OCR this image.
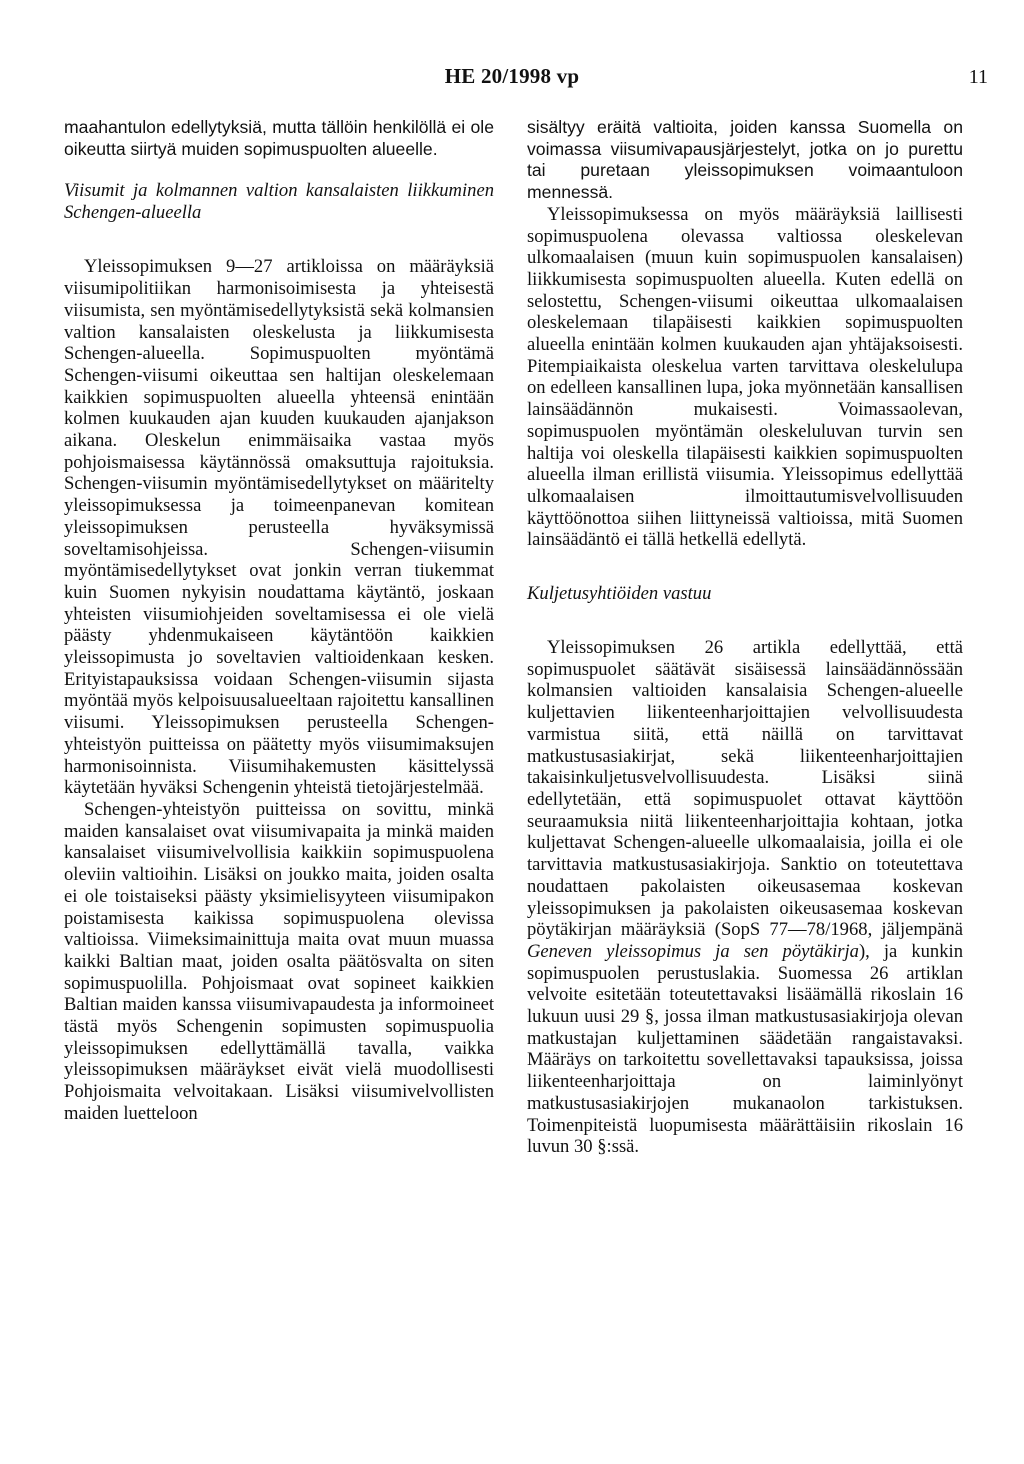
HE 20/1998 vp	11

maahantulon edellytyksiä, mutta tällöin henkilöllä ei ole oikeutta siirtyä muiden sopimuspuolten alueelle.

Viisumit ja kolmannen valtion kansalaisten liikkuminen Schengen-alueella

Yleissopimuksen 9—27 artikloissa on määräyksiä viisumipolitiikan harmonisoimisesta ja yhteisestä viisumista, sen myöntämisedellytyksistä sekä kolmansien valtion kansalaisten oleskelusta ja liikkumisesta Schengen-alueella. Sopimuspuolten myöntämä Schengen-viisumi oikeuttaa sen haltijan oleskelemaan kaikkien sopimuspuolten alueella yhteensä enintään kolmen kuukauden ajan kuuden kuukauden ajanjakson aikana. Oleskelun enimmäisaika vastaa myös pohjoismaisessa käytännössä omaksuttuja rajoituksia. Schengen-viisumin myöntämisedellytykset on määritelty yleissopimuksessa ja toimeenpanevan komitean yleissopimuksen perusteella hyväksymissä soveltamisohjeissa. Schengen-viisumin myöntämisedellytykset ovat jonkin verran tiukemmat kuin Suomen nykyisin noudattama käytäntö, joskaan yhteisten viisumiohjeiden soveltamisessa ei ole vielä päästy yhdenmukaiseen käytäntöön kaikkien yleissopimusta jo soveltavien valtioidenkaan kesken. Erityistapauksissa voidaan Schengen-viisumin sijasta myöntää myös kelpoisuusalueeltaan rajoitettu kansallinen viisumi. Yleissopimuksen perusteella Schengen-yhteistyön puitteissa on päätetty myös viisumimaksujen harmonisoinnista. Viisumihakemusten käsittelyssä käytetään hyväksi Schengenin yhteistä tietojärjestelmää.

Schengen-yhteistyön puitteissa on sovittu, minkä maiden kansalaiset ovat viisumivapaita ja minkä maiden kansalaiset viisumivelvollisia kaikkiin sopimuspuolena oleviin valtioihin. Lisäksi on joukko maita, joiden osalta ei ole toistaiseksi päästy yksimielisyyteen viisumipakon poistamisesta kaikissa sopimuspuolena olevissa valtioissa. Viimeksimainittuja maita ovat muun muassa kaikki Baltian maat, joiden osalta päätösvalta on siten sopimuspuolilla. Pohjoismaat ovat sopineet kaikkien Baltian maiden kanssa viisumivapaudesta ja informoineet tästä myös Schengenin sopimusten sopimuspuolia yleissopimuksen edellyttämällä tavalla, vaikka yleissopimuksen määräykset eivät vielä muodollisesti Pohjoismaita velvoitakaan. Lisäksi viisumivelvollisten maiden luetteloon

sisältyy eräitä valtioita, joiden kanssa Suomella on voimassa viisumivapausjärjestelyt, jotka on jo purettu tai puretaan yleissopimuksen voimaantuloon mennessä.

Yleissopimuksessa on myös määräyksiä laillisesti sopimuspuolena olevassa valtiossa oleskelevan ulkomaalaisen (muun kuin sopimuspuolen kansalaisen) liikkumisesta sopimuspuolten alueella. Kuten edellä on selostettu, Schengen-viisumi oikeuttaa ulkomaalaisen oleskelemaan tilapäisesti kaikkien sopimuspuolten alueella enintään kolmen kuukauden ajan yhtäjaksoisesti. Pitempiaikaista oleskelua varten tarvittava oleskelulupa on edelleen kansallinen lupa, joka myönnetään kansallisen lainsäädännön mukaisesti. Voimassaolevan, sopimuspuolen myöntämän oleskeluluvan turvin sen haltija voi oleskella tilapäisesti kaikkien sopimuspuolten alueella ilman erillistä viisumia. Yleissopimus edellyttää ulkomaalaisen ilmoittautumisvelvollisuuden käyttöönottoa siihen liittyneissä valtioissa, mitä Suomen lainsäädäntö ei tällä hetkellä edellytä.

Kuljetusyhtiöiden vastuu

Yleissopimuksen 26 artikla edellyttää, että sopimuspuolet säätävät sisäisessä lainsäädännössään kolmansien valtioiden kansalaisia Schengen-alueelle kuljettavien liikenteenharjoittajien velvollisuudesta varmistua siitä, että näillä on tarvittavat matkustusasiakirjat, sekä liikenteenharjoittajien takaisinkuljetusvelvollisuudesta. Lisäksi siinä edellytetään, että sopimuspuolet ottavat käyttöön seuraamuksia niitä liikenteenharjoittajia kohtaan, jotka kuljettavat Schengen-alueelle ulkomaalaisia, joilla ei ole tarvittavia matkustusasiakirjoja. Sanktio on toteutettava noudattaen pakolaisten oikeusasemaa koskevan yleissopimuksen ja pakolaisten oikeusasemaa koskevan pöytäkirjan määräyksiä (SopS 77—78/1968, jäljempänä Geneven yleissopimus ja sen pöytäkirja), ja kunkin sopimuspuolen perustuslakia. Suomessa 26 artiklan velvoite esitetään toteutettavaksi lisäämällä rikoslain 16 lukuun uusi 29 §, jossa ilman matkustusasiakirjoja olevan matkustajan kuljettaminen säädetään rangaistavaksi. Määräys on tarkoitettu sovellettavaksi tapauksissa, joissa liikenteenharjoittaja on laiminlyönyt matkustusasiakirjojen mukanaolon tarkistuksen. Toimenpiteistä luopumisesta määrättäisiin rikoslain 16 luvun 30 §:ssä.
